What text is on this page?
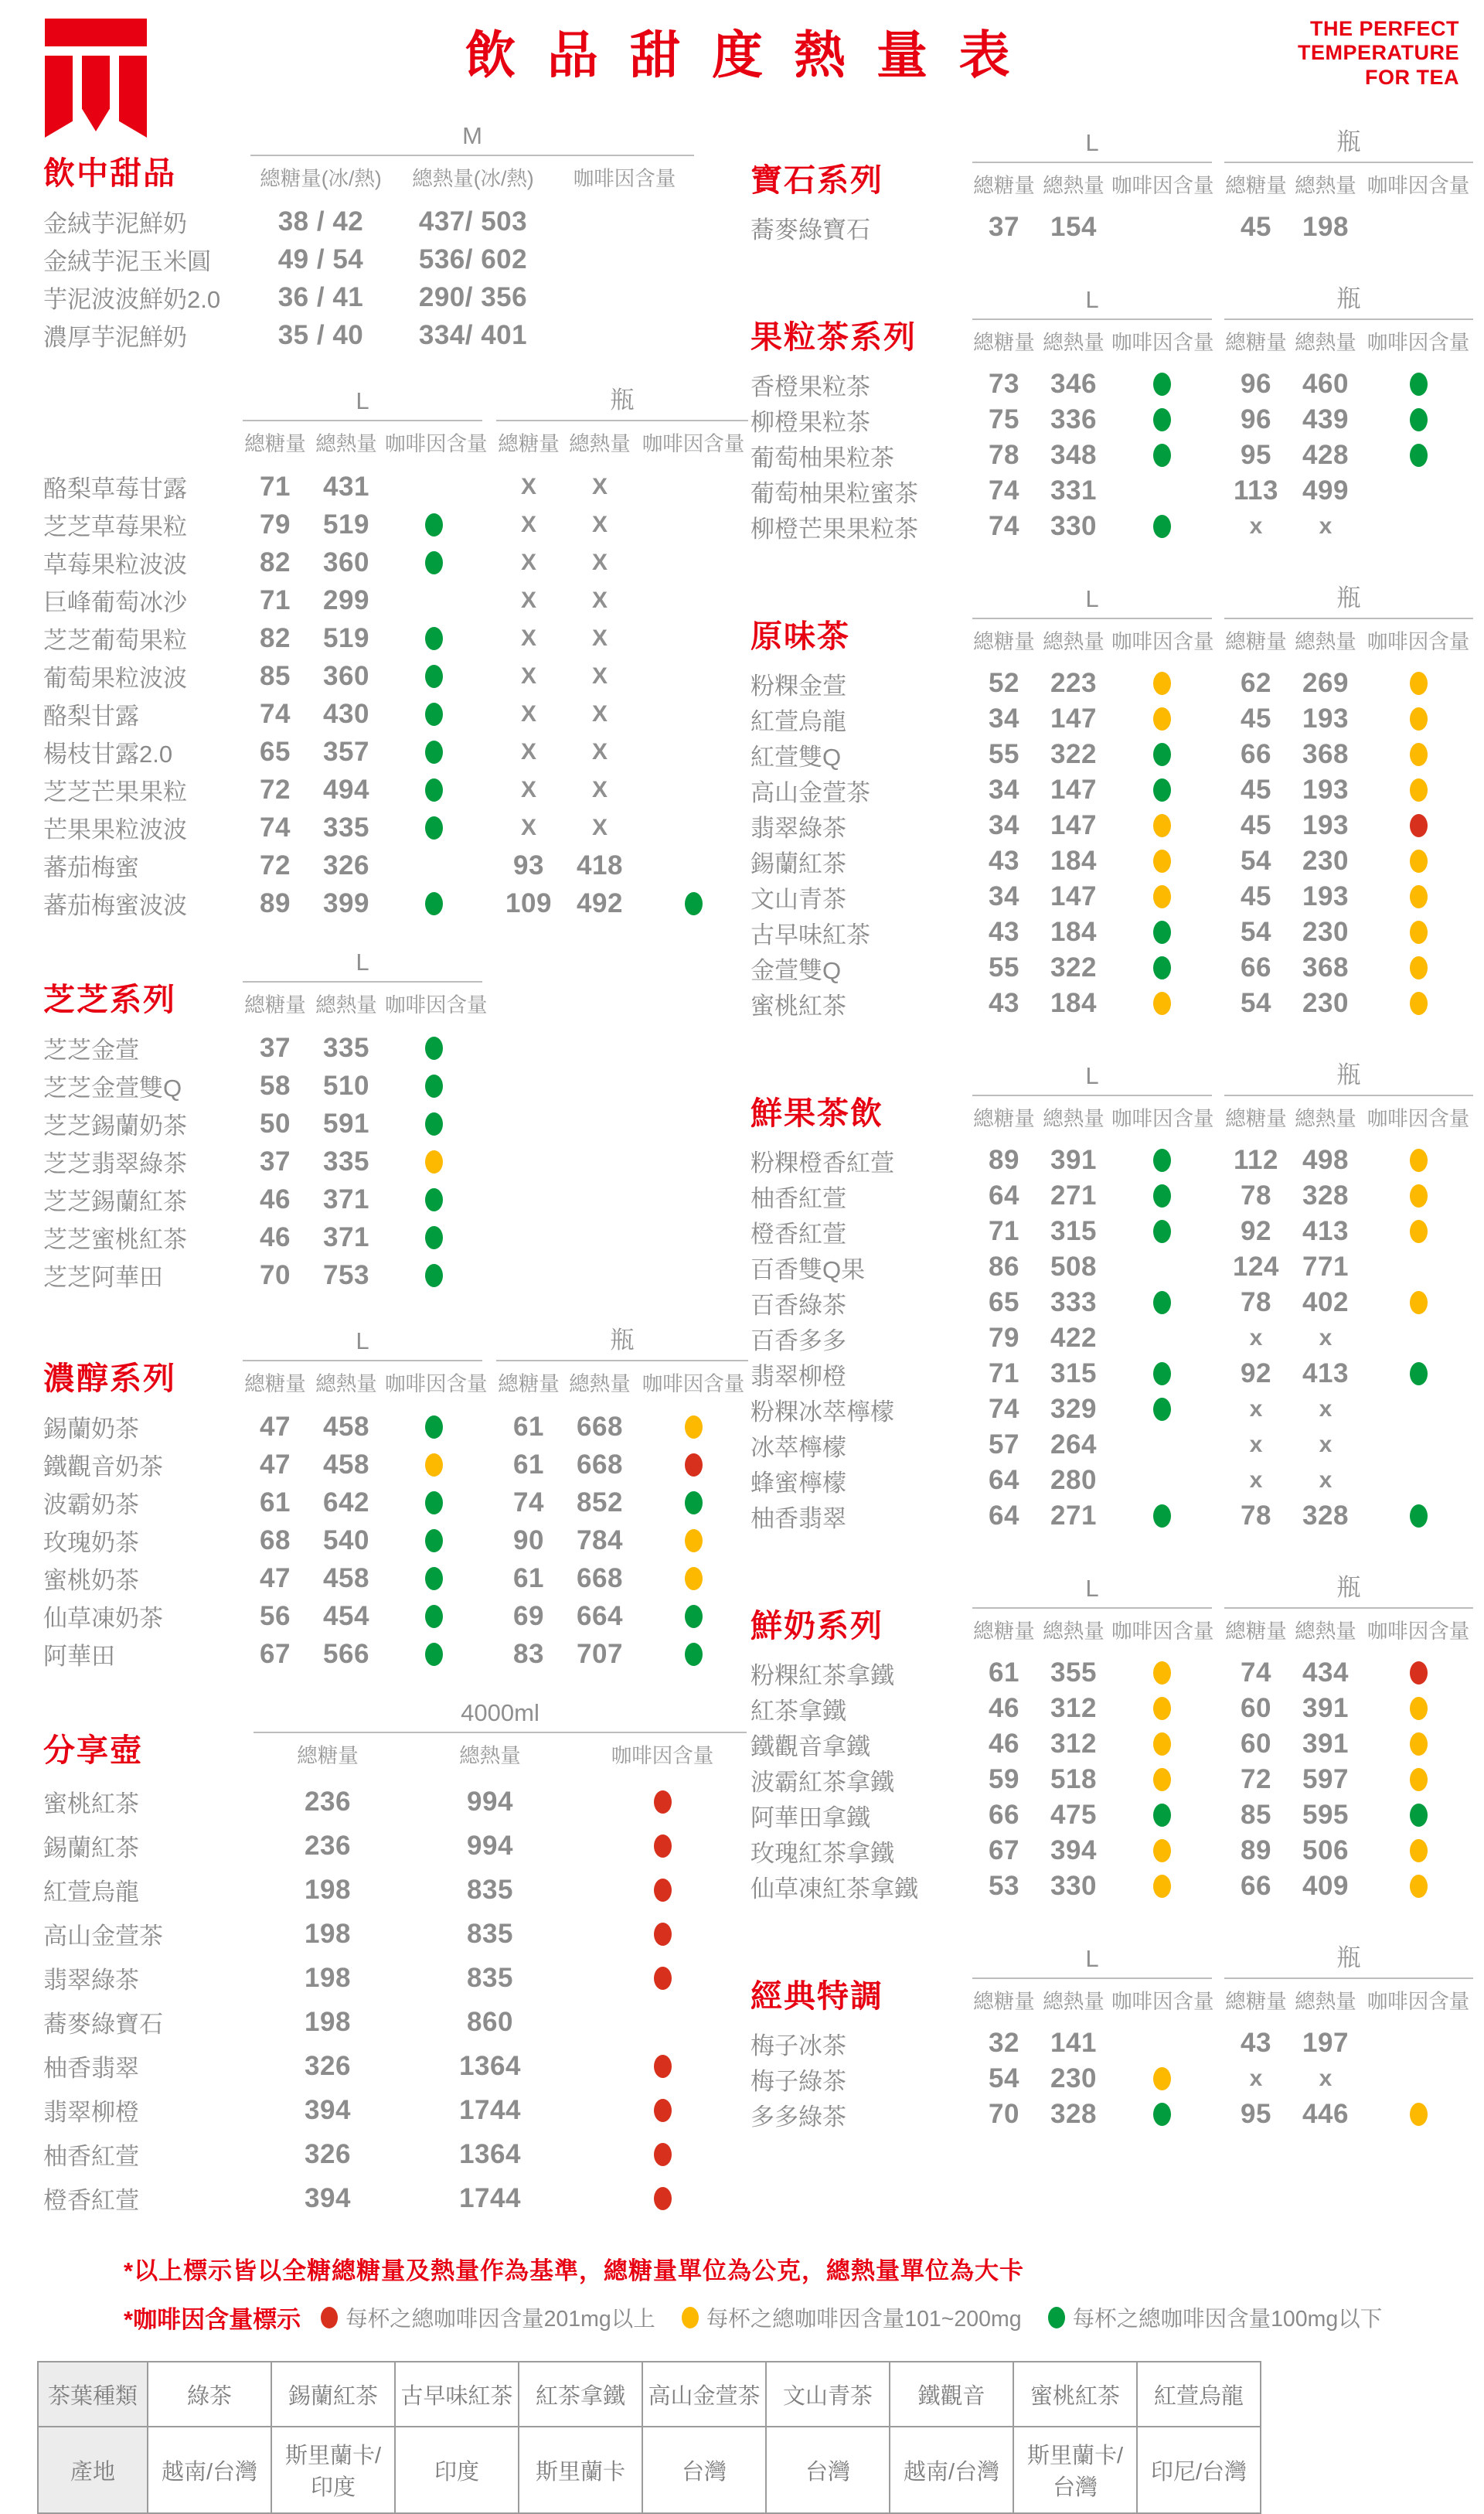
飲 品 甜 度 熱 量 表	THE PERFECT
TEMPERATURE
FOR TEA
飲中甜品
M
總糖量(冰/熱)	總熱量(冰/熱)	咖啡因含量
金絨芋泥鮮奶	38 / 42	437/ 503
金絨芋泥玉米圓	49 / 54	536/ 602
芋泥波波鮮奶2.0	36 / 41	290/ 356
濃厚芋泥鮮奶	35 / 40	334/ 401
L
總糖量 總熱量 咖啡因含量
瓶
總糖量 總熱量 咖啡因含量
酪梨草莓甘露	71	431	X	X
芝芝草莓果粒	79	519	X	X
草莓果粒波波	82	360	X	X
巨峰葡萄冰沙	71	299	X	X
芝芝葡萄果粒	82	519	X	X
葡萄果粒波波	85	360	X	X
酪梨甘露	74	430	X	X
楊枝甘露2.0	65	357	X	X
芝芝芒果果粒	72	494	X	X
芒果果粒波波	74	335	X	X
蕃茄梅蜜	72	326	93	418
蕃茄梅蜜波波	89	399	109 492
芝芝系列
L
總糖量 總熱量 咖啡因含量
芝芝金萱	37	335
芝芝金萱雙Q	58	510
芝芝錫蘭奶茶	50	591
芝芝翡翠綠茶	37	335
芝芝錫蘭紅茶	46	371
芝芝蜜桃紅茶	46	371
芝芝阿華田	70	753
濃醇系列
L
總糖量 總熱量 咖啡因含量
瓶
總糖量 總熱量 咖啡因含量
錫蘭奶茶	47	458	61	668
鐵觀音奶茶	47	458	61	668
波霸奶茶	61	642	74	852
玫瑰奶茶	68	540	90	784
蜜桃奶茶	47	458	61	668
仙草凍奶茶	56	454	69	664
阿華田	67	566	83	707
分享壺
4000ml
總糖量	總熱量	咖啡因含量
蜜桃紅茶	236	994
錫蘭紅茶	236	994
紅萱烏龍	198	835
高山金萱茶	198	835
翡翠綠茶	198	835
蕎麥綠寶石	198	860
柚香翡翠	326	1364
翡翠柳橙	394	1744
柚香紅萱	326	1364
橙香紅萱	394	1744
寶石系列
L
總糖量 總熱量 咖啡因含量
瓶
總糖量 總熱量 咖啡因含量
蕎麥綠寶石	37	154	45	198
果粒茶系列
L
總糖量 總熱量 咖啡因含量
瓶
總糖量 總熱量 咖啡因含量
香橙果粒茶	73	346	96	460
柳橙果粒茶	75	336	96	439
葡萄柚果粒茶	78	348	95	428
葡萄柚果粒蜜茶	74	331	113 499
柳橙芒果果粒茶	74	330	x	x
原味茶
L
總糖量 總熱量 咖啡因含量
瓶
總糖量 總熱量 咖啡因含量
粉粿金萱	52	223	62	269
紅萱烏龍	34	147	45	193
紅萱雙Q	55	322	66	368
高山金萱茶	34	147	45	193
翡翠綠茶	34	147	45	193
錫蘭紅茶	43	184	54	230
文山青茶	34	147	45	193
古早味紅茶	43	184	54	230
金萱雙Q	55	322	66	368
蜜桃紅茶	43	184	54	230
鮮果茶飲
L
總糖量 總熱量 咖啡因含量
瓶
總糖量 總熱量 咖啡因含量
粉粿橙香紅萱	89	391	112 498
柚香紅萱	64	271	78	328
橙香紅萱	71	315	92	413
百香雙Q果	86	508	124 771
百香綠茶	65	333	78	402
百香多多	79	422	x	x
翡翠柳橙	71	315	92	413
粉粿冰萃檸檬	74	329	x	x
冰萃檸檬	57	264	x	x
蜂蜜檸檬	64	280	x	x
柚香翡翠	64	271	78	328
鮮奶系列
L
總糖量 總熱量 咖啡因含量
瓶
總糖量 總熱量 咖啡因含量
粉粿紅茶拿鐵	61	355	74	434
紅茶拿鐵	46	312	60	391
鐵觀音拿鐵	46	312	60	391
波霸紅茶拿鐵	59	518	72	597
阿華田拿鐵	66	475	85	595
玫瑰紅茶拿鐵	67	394	89	506
仙草凍紅茶拿鐵	53	330	66	409
經典特調
L
總糖量 總熱量 咖啡因含量
瓶
總糖量 總熱量 咖啡因含量
梅子冰茶	32	141	43	197
梅子綠茶	54	230	x	x
多多綠茶	70	328	95	446
*以上標示皆以全糖總糖量及熱量作為基準，總糖量單位為公克，總熱量單位為大卡
*咖啡因含量標示 每杯之總咖啡因含量201mg以上 每杯之總咖啡因含量101~200mg 每杯之總咖啡因含量100mg以下
茶葉種類	綠茶	錫蘭紅茶	古早味紅茶	紅茶拿鐵	高山金萱茶	文山青茶	鐵觀音	蜜桃紅茶	紅萱烏龍
產地	越南/台灣	斯里蘭卡/印度	印度	斯里蘭卡	台灣	台灣	越南/台灣	斯里蘭卡/台灣	印尼/台灣
